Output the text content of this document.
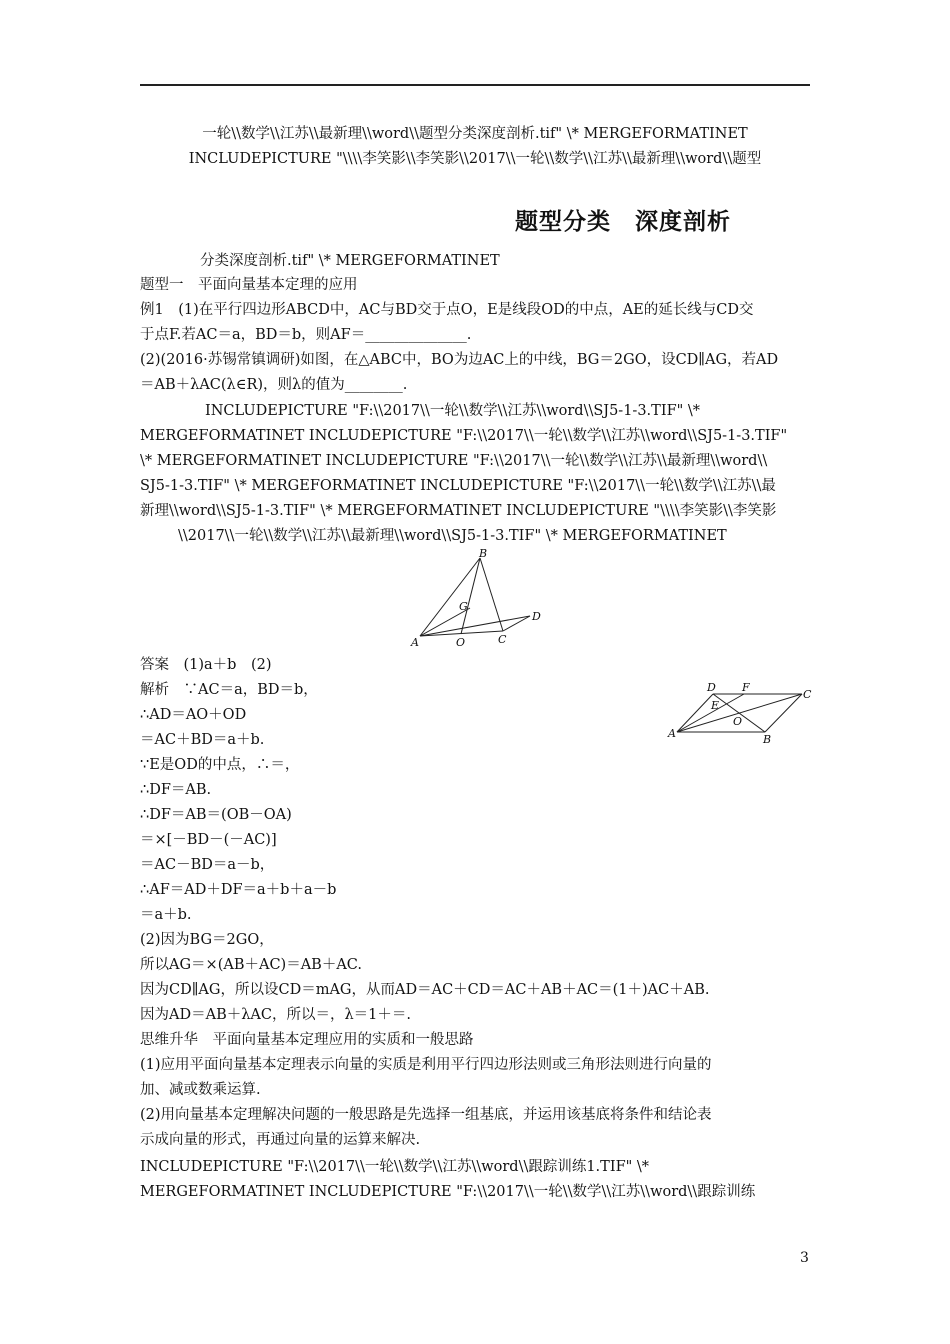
一轮\\数学\\江苏\\最新理\\word\\题型分类深度剖析.tif" \* MERGEFORMATINET
INCLUDEPICTURE "\\\\李笑影\\李笑影\\2017\\一轮\\数学\\江苏\\最新理\\word\\题型
题型分类　深度剖析
分类深度剖析.tif" \* MERGEFORMATINET
题型一　平面向量基本定理的应用
例1　(1)在平行四边形ABCD中，AC与BD交于点O，E是线段OD的中点，AE的延长线与CD交
于点F.若AC＝a，BD＝b，则AF＝______________.
(2)(2016·苏锡常镇调研)如图，在△ABC中，BO为边AC上的中线，BG＝2GO，设CD∥AG，若AD
＝AB＋λAC(λ∈R)，则λ的值为________.
INCLUDEPICTURE "F:\\2017\\一轮\\数学\\江苏\\word\\SJ5-1-3.TIF" \*
MERGEFORMATINET INCLUDEPICTURE "F:\\2017\\一轮\\数学\\江苏\\word\\SJ5-1-3.TIF"
\* MERGEFORMATINET INCLUDEPICTURE "F:\\2017\\一轮\\数学\\江苏\\最新理\\word\\
SJ5-1-3.TIF" \* MERGEFORMATINET INCLUDEPICTURE "F:\\2017\\一轮\\数学\\江苏\\最
新理\\word\\SJ5-1-3.TIF" \* MERGEFORMATINET INCLUDEPICTURE "\\\\李笑影\\李笑影
\\2017\\一轮\\数学\\江苏\\最新理\\word\\SJ5-1-3.TIF" \* MERGEFORMATINET
B
G
D
A	O	C
答案　(1)a＋b　(2)
解析　∵AC＝a，BD＝b，
∴AD＝AO＋OD
＝AC＋BD＝a＋b.
∵E是OD的中点，∴＝，
∴DF＝AB.
∴DF＝AB＝(OB－OA)
＝×[－BD－(－AC)]
＝AC－BD＝a－b，
∴AF＝AD＋DF＝a＋b＋a－b
＝a＋b.
(2)因为BG＝2GO，
所以AG＝×(AB＋AC)＝AB＋AC.
因为CD∥AG，所以设CD＝mAG，从而AD＝AC＋CD＝AC＋AB＋AC＝(1＋)AC＋AB.
因为AD＝AB＋λAC，所以＝，λ＝1＋＝.
思维升华　平面向量基本定理应用的实质和一般思路
(1)应用平面向量基本定理表示向量的实质是利用平行四边形法则或三角形法则进行向量的
加、减或数乘运算.
(2)用向量基本定理解决问题的一般思路是先选择一组基底，并运用该基底将条件和结论表
示成向量的形式，再通过向量的运算来解决.
INCLUDEPICTURE "F:\\2017\\一轮\\数学\\江苏\\word\\跟踪训练1.TIF" \*
MERGEFORMATINET INCLUDEPICTURE "F:\\2017\\一轮\\数学\\江苏\\word\\跟踪训练
D F
C
E
O
A	B
3
